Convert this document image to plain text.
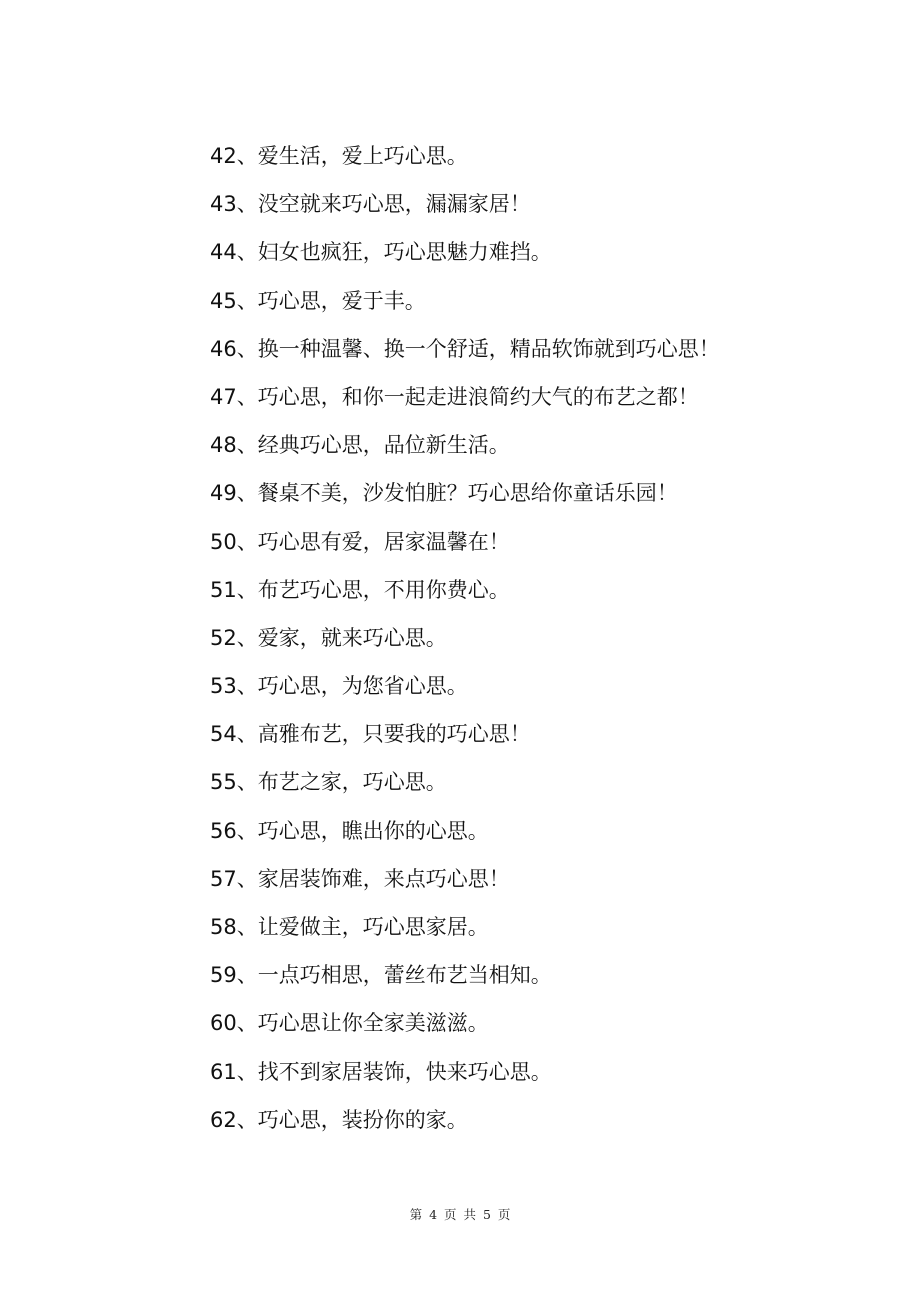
42、爱生活，爱上巧心思。
43、没空就来巧心思，漏漏家居！
44、妇女也疯狂，巧心思魅力难挡。
45、巧心思，爱于丰。
46、换一种温馨、换一个舒适，精品软饰就到巧心思！
47、巧心思，和你一起走进浪简约大气的布艺之都！
48、经典巧心思，品位新生活。
49、餐桌不美，沙发怕脏？巧心思给你童话乐园！
50、巧心思有爱，居家温馨在！
51、布艺巧心思，不用你费心。
52、爱家，就来巧心思。
53、巧心思，为您省心思。
54、高雅布艺，只要我的巧心思！
55、布艺之家，巧心思。
56、巧心思，瞧出你的心思。
57、家居装饰难，来点巧心思！
58、让爱做主，巧心思家居。
59、一点巧相思，蕾丝布艺当相知。
60、巧心思让你全家美滋滋。
61、找不到家居装饰，快来巧心思。
62、巧心思，装扮你的家。
第 4 页 共 5 页
